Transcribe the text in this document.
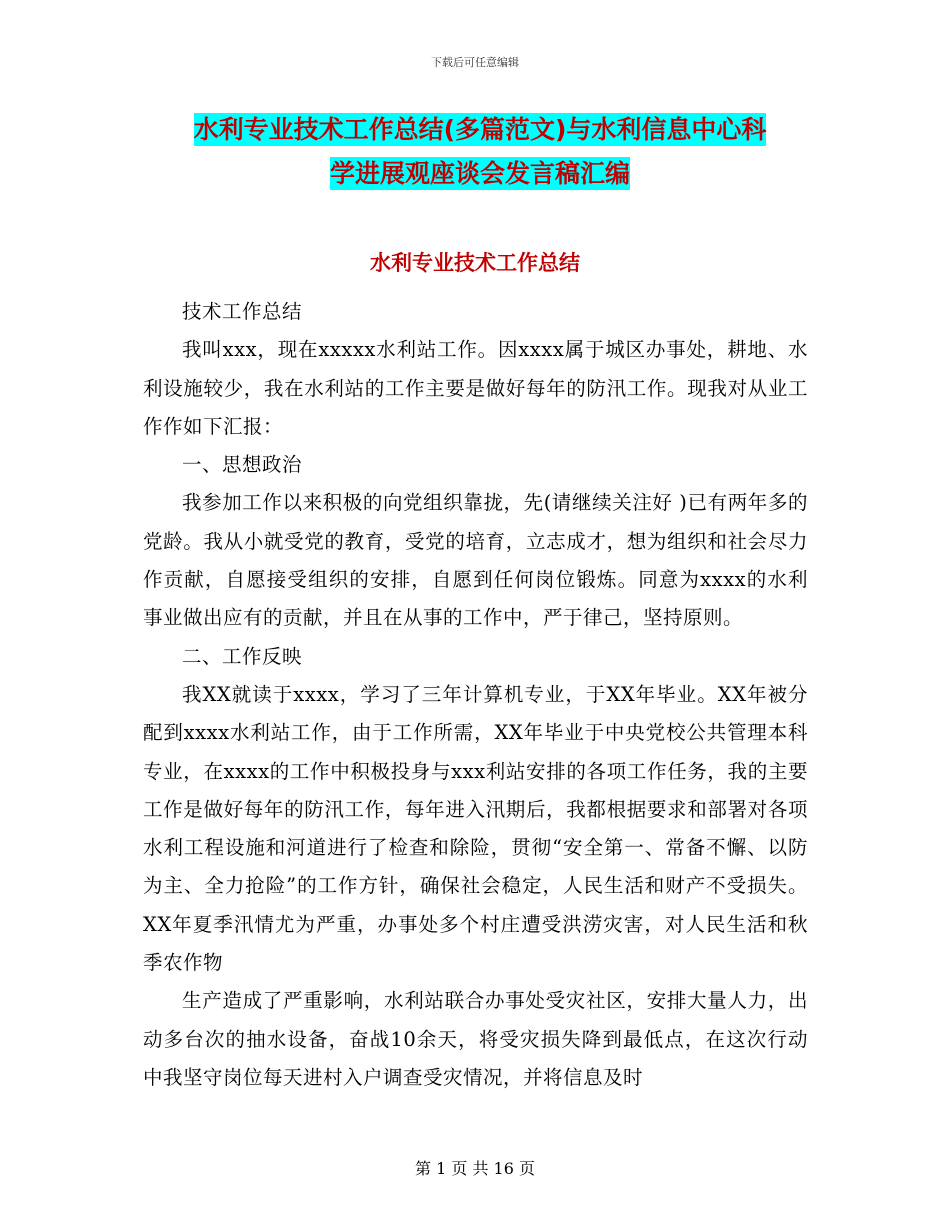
下载后可任意编辑
水利专业技术工作总结(多篇范文)与水利信息中心科
学进展观座谈会发言稿汇编
水利专业技术工作总结

技术工作总结

我叫xxx，现在xxxxx水利站工作。因xxxx属于城区办事处，耕地、水利设施较少，我在水利站的工作主要是做好每年的防汛工作。现我对从业工作作如下汇报：

一、思想政治

我参加工作以来积极的向党组织靠拢，先(请继续关注好 )已有两年多的党龄。我从小就受党的教育，受党的培育，立志成才，想为组织和社会尽力作贡献，自愿接受组织的安排，自愿到任何岗位锻炼。同意为xxxx的水利事业做出应有的贡献，并且在从事的工作中，严于律己，坚持原则。

二、工作反映

我XX就读于xxxx，学习了三年计算机专业，于XX年毕业。XX年被分配到xxxx水利站工作，由于工作所需，XX年毕业于中央党校公共管理本科专业，在xxxx的工作中积极投身与xxx利站安排的各项工作任务，我的主要工作是做好每年的防汛工作，每年进入汛期后，我都根据要求和部署对各项水利工程设施和河道进行了检查和除险，贯彻“安全第一、常备不懈、以防为主、全力抢险”的工作方针，确保社会稳定，人民生活和财产不受损失。XX年夏季汛情尤为严重，办事处多个村庄遭受洪涝灾害，对人民生活和秋季农作物

生产造成了严重影响，水利站联合办事处受灾社区，安排大量人力，出动多台次的抽水设备，奋战10余天，将受灾损失降到最低点，在这次行动中我坚守岗位每天进村入户调查受灾情况，并将信息及时

第 1 页 共 16 页
